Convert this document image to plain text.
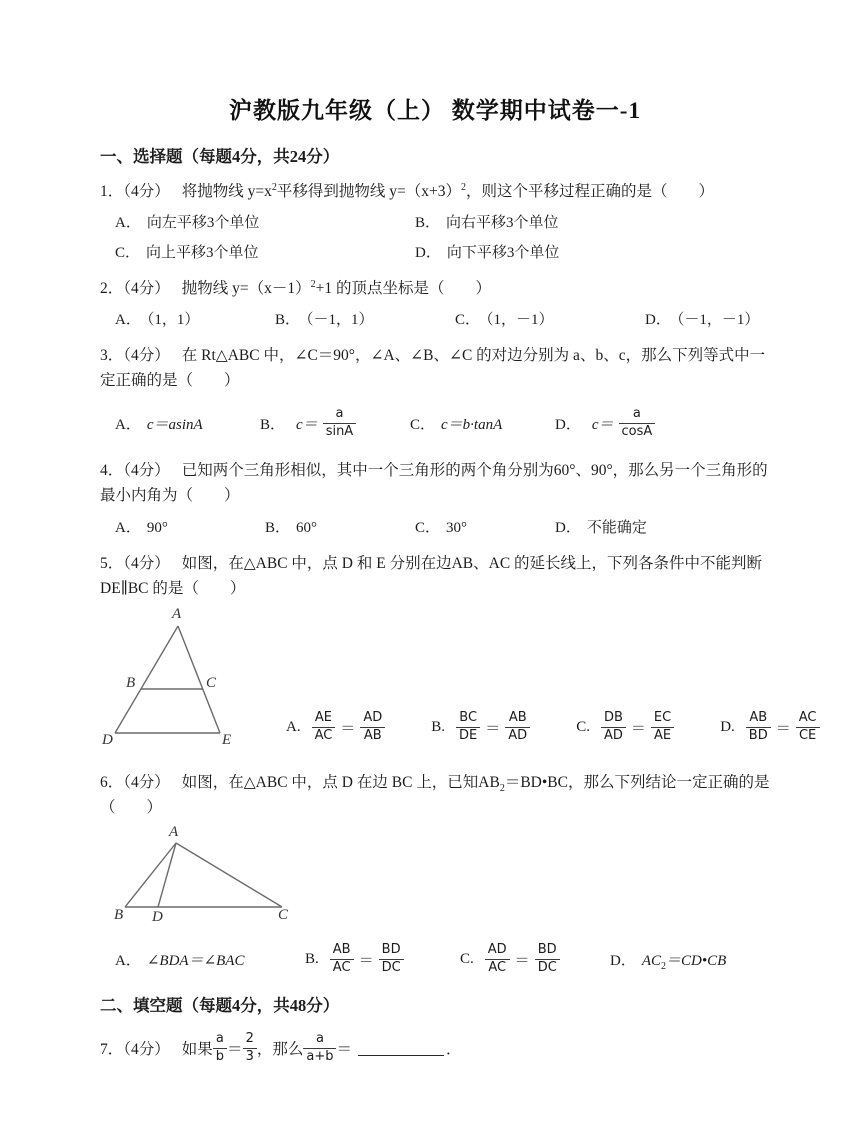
沪教版九年级（上） 数学期中试卷一-1
一、选择题（每题4分，共24分）

1．（4分） 将抛物线 $y=x^2$平移得到抛物线 $y=(x+3)^2$，则这个平移过程正确的是（　　）

A． 向左平移3个单位	B． 向右平移3个单位
C． 向上平移3个单位	D． 向下平移3个单位

2．（4分） 抛物线 $y=(x-1)^2+1$ 的顶点坐标是（　　）

A． （1，1）	B． （－1，1）	C． （1，－1）	D． （－1，－1）

3．（4分） 在 Rt△ABC 中，∠C＝90°，∠A、∠B、∠C 的对边分别为 a、b、c，那么下列等式中一定正确的是（　　）

A． c＝asinA	B． $c= \frac{a}{\sin A}$	C． c＝b·tanA	D． $c= \frac{a}{\cos A}$

4．（4分） 已知两个三角形相似，其中一个三角形的两个角分别为60°、90°，那么另一个三角形的最小内角为（　　）

A． 90°	B． 60°	C． 30°	D． 不能确定

5．（4分） 如图，在△ABC 中，点 D 和 E 分别在边AB、AC 的延长线上，下列各条件中不能判断 DE∥BC 的是（　　）

A
B	C
D	E
A. $\frac{AE}{AC} = \frac{AD}{AB}$	B. $\frac{BC}{DE} = \frac{AB}{AD}$	C. $\frac{DB}{AD} = \frac{EC}{AE}$	D. $\frac{AB}{BD} = \frac{AC}{CE}$

6．（4分） 如图，在△ABC 中，点 D 在边 BC 上，已知$AB_2=BD•BC$，那么下列结论一定正确的是
（　　）

A
B D	C
A． ∠BDA＝∠BAC	B. $\frac{AB}{AC} = \frac{BD}{DC}$	C. $\frac{AD}{AC} = \frac{BD}{DC}$	D． $AC_2=CD•CB$
二、填空题（每题4分，共48分）
7．（4分） 如果 $\frac{a}{b} = \frac{2}{3}$ ，那么 $\frac{a}{a+b}$ ＝	．
